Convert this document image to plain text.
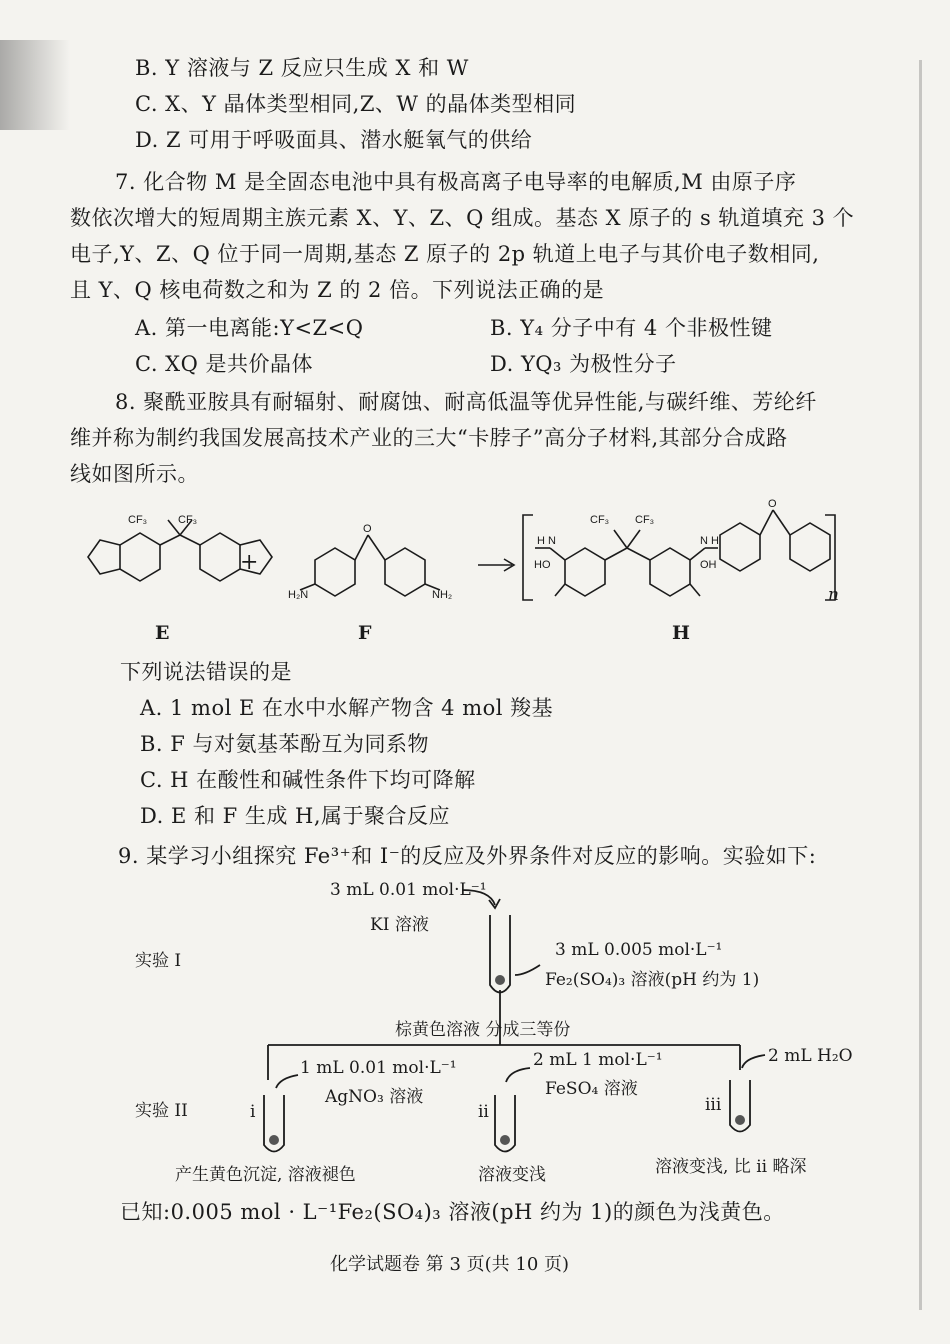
B. Y 溶液与 Z 反应只生成 X 和 W
C. X、Y 晶体类型相同,Z、W 的晶体类型相同
D. Z 可用于呼吸面具、潜水艇氧气的供给
7. 化合物 M 是全固态电池中具有极高离子电导率的电解质,M 由原子序
数依次增大的短周期主族元素 X、Y、Z、Q 组成。基态 X 原子的 s 轨道填充 3 个
电子,Y、Z、Q 位于同一周期,基态 Z 原子的 2p 轨道上电子与其价电子数相同,
且 Y、Q 核电荷数之和为 Z 的 2 倍。下列说法正确的是
A. 第一电离能:Y<Z<Q	B. Y₄ 分子中有 4 个非极性键
C. XQ 是共价晶体	D. YQ₃ 为极性分子
8. 聚酰亚胺具有耐辐射、耐腐蚀、耐高低温等优异性能,与碳纤维、芳纶纤
维并称为制约我国发展高技术产业的三大“卡脖子”高分子材料,其部分合成路
线如图所示。
CF₃	CF₃
H₂N	NH₂
O
CF₃ CF₃
H N	N H
HO	OH
O
E	F	H
n
+
下列说法错误的是
A. 1 mol E 在水中水解产物含 4 mol 羧基
B. F 与对氨基苯酚互为同系物
C. H 在酸性和碱性条件下均可降解
D. E 和 F 生成 H,属于聚合反应
9. 某学习小组探究 Fe³⁺和 I⁻的反应及外界条件对反应的影响。实验如下:
3 mL 0.01 mol·L⁻¹
KI 溶液
实验 I
3 mL 0.005 mol·L⁻¹
Fe₂(SO₄)₃ 溶液(pH 约为 1)
棕黄色溶液 分成三等份
1 mL 0.01 mol·L⁻¹
AgNO₃ 溶液
2 mL 1 mol·L⁻¹
FeSO₄ 溶液
2 mL H₂O
实验 II	i	ii	iii
产生黄色沉淀, 溶液褪色	溶液变浅	溶液变浅, 比 ii 略深
已知:0.005 mol · L⁻¹Fe₂(SO₄)₃ 溶液(pH 约为 1)的颜色为浅黄色。
化学试题卷 第 3 页(共 10 页)
